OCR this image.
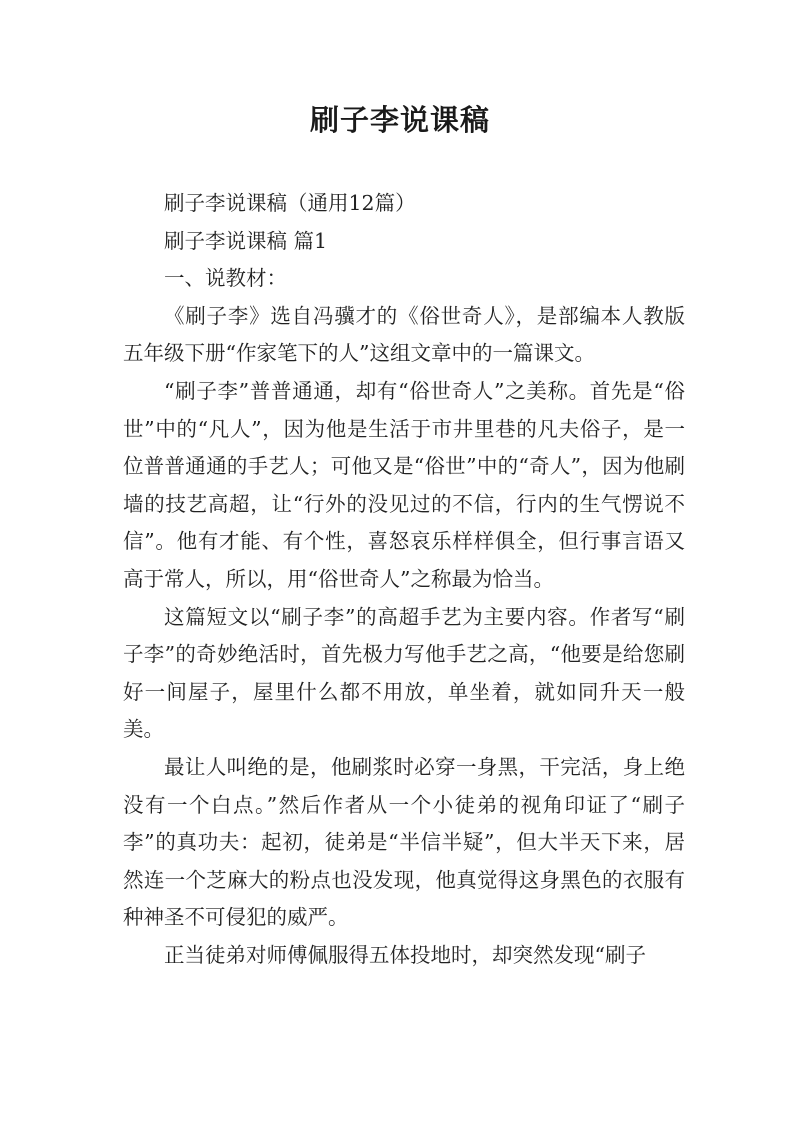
刷子李说课稿

刷子李说课稿（通用12篇）

刷子李说课稿 篇1

一、说教材：

《刷子李》选自冯骥才的《俗世奇人》，是部编本人教版五年级下册“作家笔下的人”这组文章中的一篇课文。

“刷子李”普普通通，却有“俗世奇人”之美称。首先是“俗世”中的“凡人”，因为他是生活于市井里巷的凡夫俗子，是一位普普通通的手艺人；可他又是“俗世”中的“奇人”，因为他刷墙的技艺高超，让“行外的没见过的不信，行内的生气愣说不信”。他有才能、有个性，喜怒哀乐样样俱全，但行事言语又高于常人，所以，用“俗世奇人”之称最为恰当。

这篇短文以“刷子李”的高超手艺为主要内容。作者写“刷子李”的奇妙绝活时，首先极力写他手艺之高，“他要是给您刷好一间屋子，屋里什么都不用放，单坐着，就如同升天一般美。

最让人叫绝的是，他刷浆时必穿一身黑，干完活，身上绝没有一个白点。”然后作者从一个小徒弟的视角印证了“刷子李”的真功夫：起初，徒弟是“半信半疑”，但大半天下来，居然连一个芝麻大的粉点也没发现，他真觉得这身黑色的衣服有种神圣不可侵犯的威严。

正当徒弟对师傅佩服得五体投地时，却突然发现“刷子
